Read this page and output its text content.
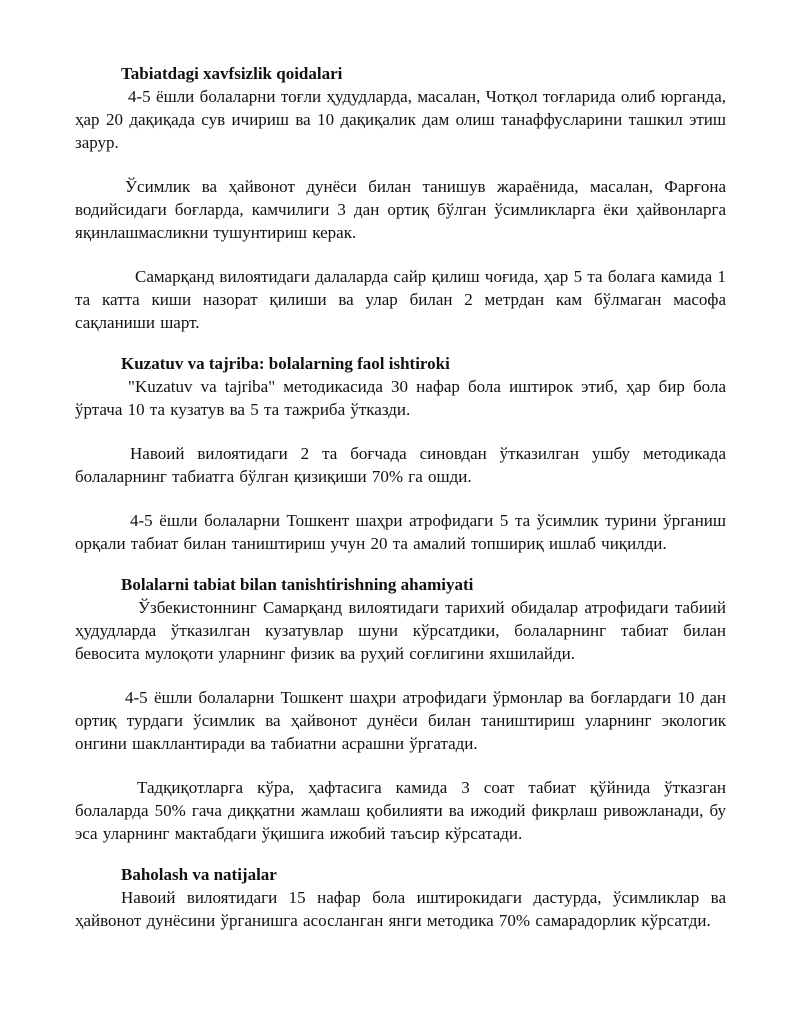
Tabiatdagi xavfsizlik qoidalari

4-5 ёшли болаларни тоғли ҳудудларда, масалан, Чотқол тоғларида олиб юрганда, ҳар 20 дақиқада сув ичириш ва 10 дақиқалик дам олиш танаффусларини ташкил этиш зарур.

Ўсимлик ва ҳайвонот дунёси билан танишув жараёнида, масалан, Фарғона водийсидаги боғларда, камчилиги 3 дан ортиқ бўлган ўсимликларга ёки ҳайвонларга яқинлашмасликни тушунтириш керак.

Самарқанд вилоятидаги далаларда сайр қилиш чоғида, ҳар 5 та болага камида 1 та катта киши назорат қилиши ва улар билан 2 метрдан кам бўлмаган масофа сақланиши шарт.

Kuzatuv va tajriba: bolalarning faol ishtiroki

"Kuzatuv va tajriba" методикасида 30 нафар бола иштирок этиб, ҳар бир бола ўртача 10 та кузатув ва 5 та тажриба ўтказди.

Навоий вилоятидаги 2 та боғчада синовдан ўтказилган ушбу методикада болаларнинг табиатга бўлган қизиқиши 70% га ошди.

4-5 ёшли болаларни Тошкент шаҳри атрофидаги 5 та ўсимлик турини ўрганиш орқали табиат билан таништириш учун 20 та амалий топшириқ ишлаб чиқилди.

Bolalarni tabiat bilan tanishtirishning ahamiyati

Ўзбекистоннинг Самарқанд вилоятидаги тарихий обидалар атрофидаги табиий ҳудудларда ўтказилган кузатувлар шуни кўрсатдики, болаларнинг табиат билан бевосита мулоқоти уларнинг физик ва руҳий соғлигини яхшилайди.

4-5 ёшли болаларни Тошкент шаҳри атрофидаги ўрмонлар ва боғлардаги 10 дан ортиқ турдаги ўсимлик ва ҳайвонот дунёси билан таништириш уларнинг экологик онгини шакллантиради ва табиатни асрашни ўргатади.

Тадқиқотларга кўра, ҳафтасига камида 3 соат табиат қўйнида ўтказган болаларда 50% гача диққатни жамлаш қобилияти ва ижодий фикрлаш ривожланади, бу эса уларнинг мактабдаги ўқишига ижобий таъсир кўрсатади.

Baholash va natijalar

Навоий вилоятидаги 15 нафар бола иштирокидаги дастурда, ўсимликлар ва ҳайвонот дунёсини ўрганишга асосланган янги методика 70% самарадорлик кўрсатди.
